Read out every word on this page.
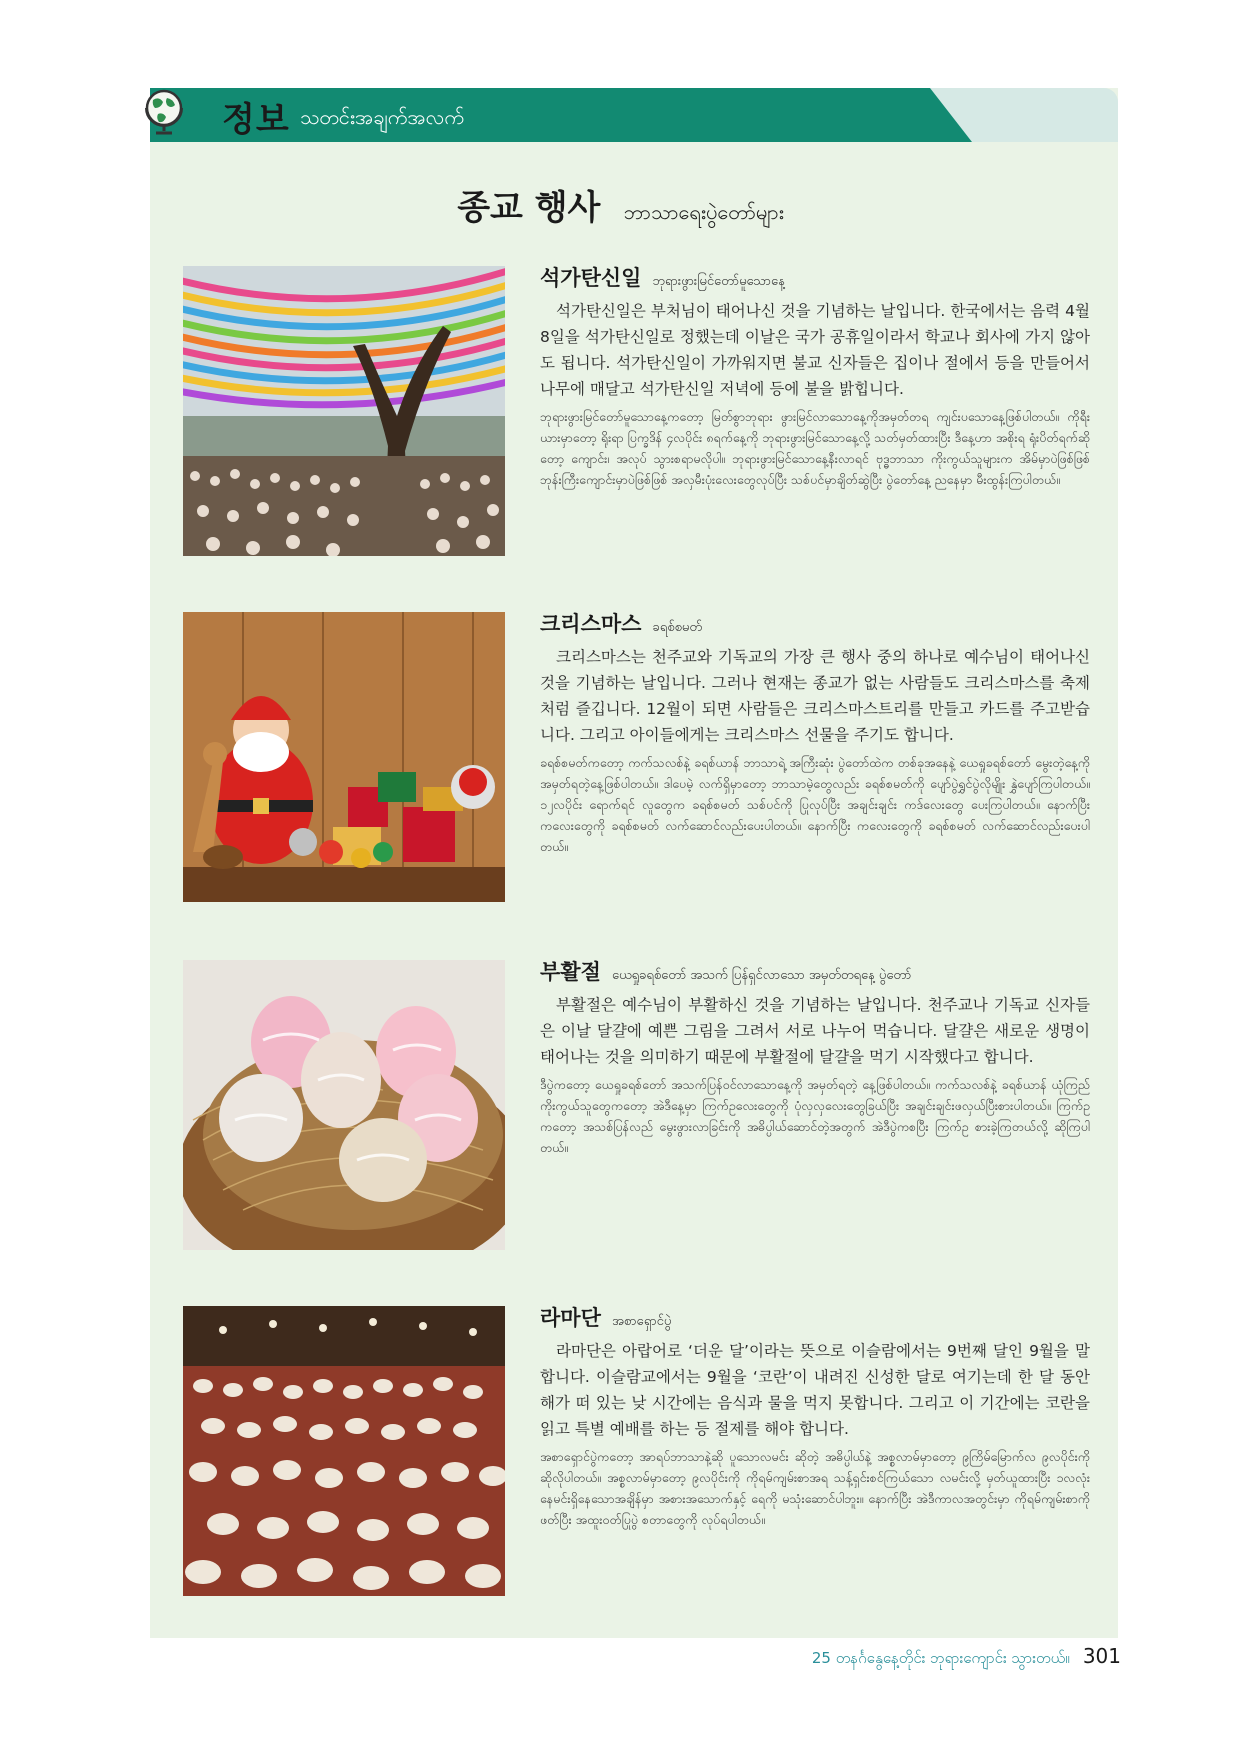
정보 သတင်းအချက်အလက်
종교 행사 ဘာသာရေးပွဲတော်များ
석가탄신일 ဘုရားဖွားမြင်တော်မူသောနေ့

석가탄신일은 부처님이 태어나신 것을 기념하는 날입니다. 한국에서는 음력 4월 8일을 석가탄신일로 정했는데 이날은 국가 공휴일이라서 학교나 회사에 가지 않아도 됩니다. 석가탄신일이 가까워지면 불교 신자들은 집이나 절에서 등을 만들어서 나무에 매달고 석가탄신일 저녁에 등에 불을 밝힙니다.

ဘုရားဖွားမြင်တော်မူသောနေ့ကတော့ မြတ်စွာဘုရား ဖွားမြင်လာသောနေ့ကိုအမှတ်တရ ကျင်းပသောနေ့ဖြစ်ပါတယ်။ ကိုရီးယားမှာတော့ ရိုးရာ ပြက္ခဒိန် ၄လပိုင်း ၈ရက်နေ့ကို ဘုရားဖွားမြင်သောနေ့လို့ သတ်မှတ်ထားပြီး ဒီနေ့ဟာ အစိုးရ ရုံးပိတ်ရက်ဆိုတော့ ကျောင်း၊ အလုပ် သွားစရာမလိုပါ။ ဘုရားဖွားမြင်သောနေ့နီးလာရင် ဗုဒ္ဓဘာသာ ကိုးကွယ်သူများက အိမ်မှာပဲဖြစ်ဖြစ် ဘုန်းကြီးကျောင်းမှာပဲဖြစ်ဖြစ် အလှမီးပုံးလေးတွေလုပ်ပြီး သစ်ပင်မှာချိတ်ဆွဲပြီး ပွဲတော်နေ့ ညနေမှာ မီးထွန်းကြပါတယ်။

크리스마스 ခရစ်စမတ်

크리스마스는 천주교와 기독교의 가장 큰 행사 중의 하나로 예수님이 태어나신 것을 기념하는 날입니다. 그러나 현재는 종교가 없는 사람들도 크리스마스를 축제처럼 즐깁니다. 12월이 되면 사람들은 크리스마스트리를 만들고 카드를 주고받습니다. 그리고 아이들에게는 크리스마스 선물을 주기도 합니다.

ခရစ်စမတ်ကတော့ ကက်သလစ်နဲ့ ခရစ်ယာန် ဘာသာရဲ့ အကြီးဆုံး ပွဲတော်ထဲက တစ်ခုအနေနဲ့ ယေရှုခရစ်တော် မွေးတဲ့နေ့ကို အမှတ်ရတဲ့နေ့ဖြစ်ပါတယ်။ ဒါပေမဲ့ လက်ရှိမှာတော့ ဘာသာမဲ့တွေလည်း ခရစ်စမတ်ကို ပျော်ပွဲရွှင်ပွဲလိုမျိုး နွှဲပျော်ကြပါတယ်။ ၁၂လပိုင်း ရောက်ရင် လူတွေက ခရစ်စမတ် သစ်ပင်ကို ပြုလုပ်ပြီး အချင်းချင်း ကဒ်လေးတွေ ပေးကြပါတယ်။ နောက်ပြီး ကလေးတွေကို ခရစ်စမတ် လက်ဆောင်လည်းပေးပါတယ်။ နောက်ပြီး ကလေးတွေကို ခရစ်စမတ် လက်ဆောင်လည်းပေးပါတယ်။

부활절 ယေရှုခရစ်တော် အသက် ပြန်ရှင်လာသော အမှတ်တရနေ့ ပွဲတော်

부활절은 예수님이 부활하신 것을 기념하는 날입니다. 천주교나 기독교 신자들은 이날 달걀에 예쁜 그림을 그려서 서로 나누어 먹습니다. 달걀은 새로운 생명이 태어나는 것을 의미하기 때문에 부활절에 달걀을 먹기 시작했다고 합니다.

ဒီပွဲကတော့ ယေရှုခရစ်တော် အသက်ပြန်ဝင်လာသောနေ့ကို အမှတ်ရတဲ့ နေ့ဖြစ်ပါတယ်။ ကက်သလစ်နဲ့ ခရစ်ယာန် ယုံကြည်ကိုးကွယ်သူတွေကတော့ အဲဒီနေ့မှာ ကြက်ဥလေးတွေကို ပုံလှလှလေးတွေခြယ်ပြီး အချင်းချင်းဖလှယ်ပြီးစားပါတယ်။ ကြက်ဥကတော့ အသစ်ပြန်လည် မွေးဖွားလာခြင်းကို အဓိပ္ပါယ်ဆောင်တဲ့အတွက် အဲဒီပွဲကစပြီး ကြက်ဥ စားခဲ့ကြတယ်လို့ ဆိုကြပါတယ်။

라마단 အစာရှောင်ပွဲ

라마단은 아랍어로 ‘더운 달’이라는 뜻으로 이슬람에서는 9번째 달인 9월을 말합니다. 이슬람교에서는 9월을 ‘코란’이 내려진 신성한 달로 여기는데 한 달 동안 해가 떠 있는 낮 시간에는 음식과 물을 먹지 못합니다. 그리고 이 기간에는 코란을 읽고 특별 예배를 하는 등 절제를 해야 합니다.

အစာရှောင်ပွဲကတော့ အာရပ်ဘာသာနဲ့ဆို ပူသောလမင်း ဆိုတဲ့ အဓိပ္ပါယ်နဲ့ အစ္စလာမ်မှာတော့ ၉ကြိမ်မြောက်လ ၉လပိုင်းကို ဆိုလိုပါတယ်။ အစ္စလာမ်မှာတော့ ၉လပိုင်းကို ကိုရမ်ကျမ်းစာအရ သန့်ရှင်းစင်ကြယ်သော လမင်းလို့ မှတ်ယူထားပြီး ၁လလုံး နေမင်းရှိနေသောအချိန်မှာ အစားအသောက်နှင့် ရေကို မသုံးဆောင်ပါဘူး။ နောက်ပြီး အဲဒီကာလအတွင်းမှာ ကိုရမ်ကျမ်းစာကို ဖတ်ပြီး အထူးဝတ်ပြုပွဲ စတာတွေကို လုပ်ရပါတယ်။

25 တနင်္ဂနွေနေ့တိုင်း ဘုရားကျောင်း သွားတယ်။ 301
